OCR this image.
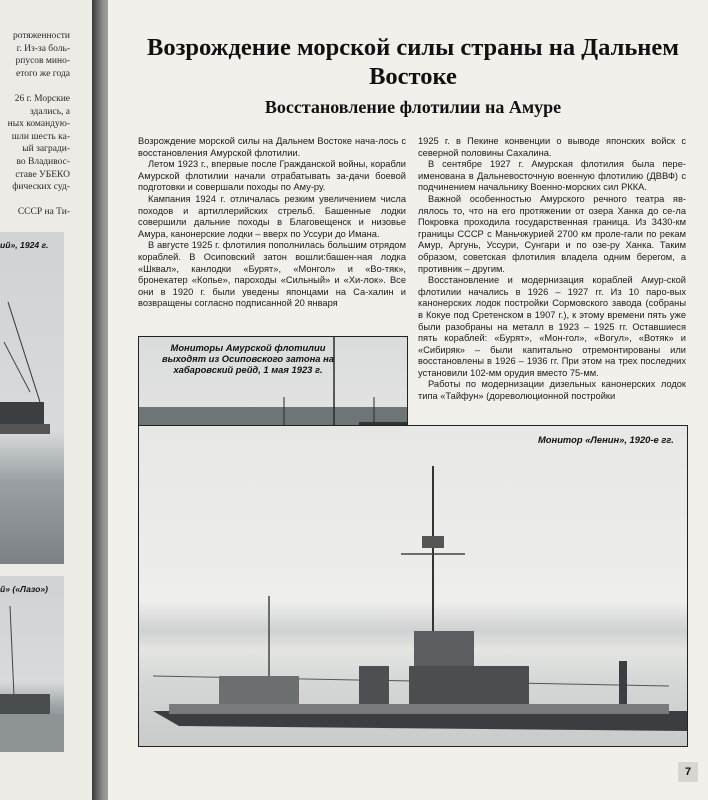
ротяженности
г. Из-за боль-
рпусов мино-
етого же года
26 г. Морские
здались, а
ных командую-
шли шесть ка-
ый загради-
во Владивос-
ставе УБЕКО
фических суд-
СССР на Ти-
ий», 1924 г.
й» («Лазо»)
Возрождение морской силы страны на Дальнем Востоке
Восстановление флотилии на Амуре

Возрождение морской силы на Дальнем Востоке нача-лось с восстановления Амурской флотилии.

Летом 1923 г., впервые после Гражданской войны, корабли Амурской флотилии начали отрабатывать за-дачи боевой подготовки и совершали походы по Аму-ру.

Кампания 1924 г. отличалась резким увеличением числа походов и артиллерийских стрельб. Башенные лодки совершили дальние походы в Благовещенск и низовье Амура, канонерские лодки – вверх по Уссури до Имана.

В августе 1925 г. флотилия пополнилась большим отрядом кораблей. В Осиповский затон вошли:башен-ная лодка «Шквал», канлодки «Бурят», «Монгол» и «Во-тяк», бронекатер «Копье», пароходы «Сильный» и «Хи-лок». Все они в 1920 г. были уведены японцами на Са-халин и возвращены согласно подписанной 20 января

1925 г. в Пекине конвенции о выводе японских войск с северной половины Сахалина.

В сентябре 1927 г. Амурская флотилия была пере-именована в Дальневосточную военную флотилию (ДВВФ) с подчинением начальнику Военно-морских сил РККА.

Важной особенностью Амурского речного театра яв-лялось то, что на его протяжении от озера Ханка до се-ла Покровка проходила государственная граница. Из 3430-км границы СССР с Маньчжурией 2700 км проле-гали по рекам Амур, Аргунь, Уссури, Сунгари и по озе-ру Ханка. Таким образом, советская флотилия владела одним берегом, а противник – другим.

Восстановление и модернизация кораблей Амур-ской флотилии начались в 1926 – 1927 гг. Из 10 паро-вых канонерских лодок постройки Сормовского завода (собраны в Кокуе под Сретенском в 1907 г.), к этому времени пять уже были разобраны на металл в 1923 – 1925 гг. Оставшиеся пять кораблей: «Бурят», «Мон-гол», «Вогул», «Вотяк» и «Сибиряк» – были капитально отремонтированы или восстановлены в 1926 – 1936 гг. При этом на трех последних установили 102-мм орудия вместо 75-мм.

Работы по модернизации дизельных канонерских лодок типа «Тайфун» (дореволюционной постройки

Мониторы Амурской флотилии выходят из Осиповского затона на хабаровский рейд, 1 мая 1923 г.
Монитор «Ленин», 1920-е гг.
7
